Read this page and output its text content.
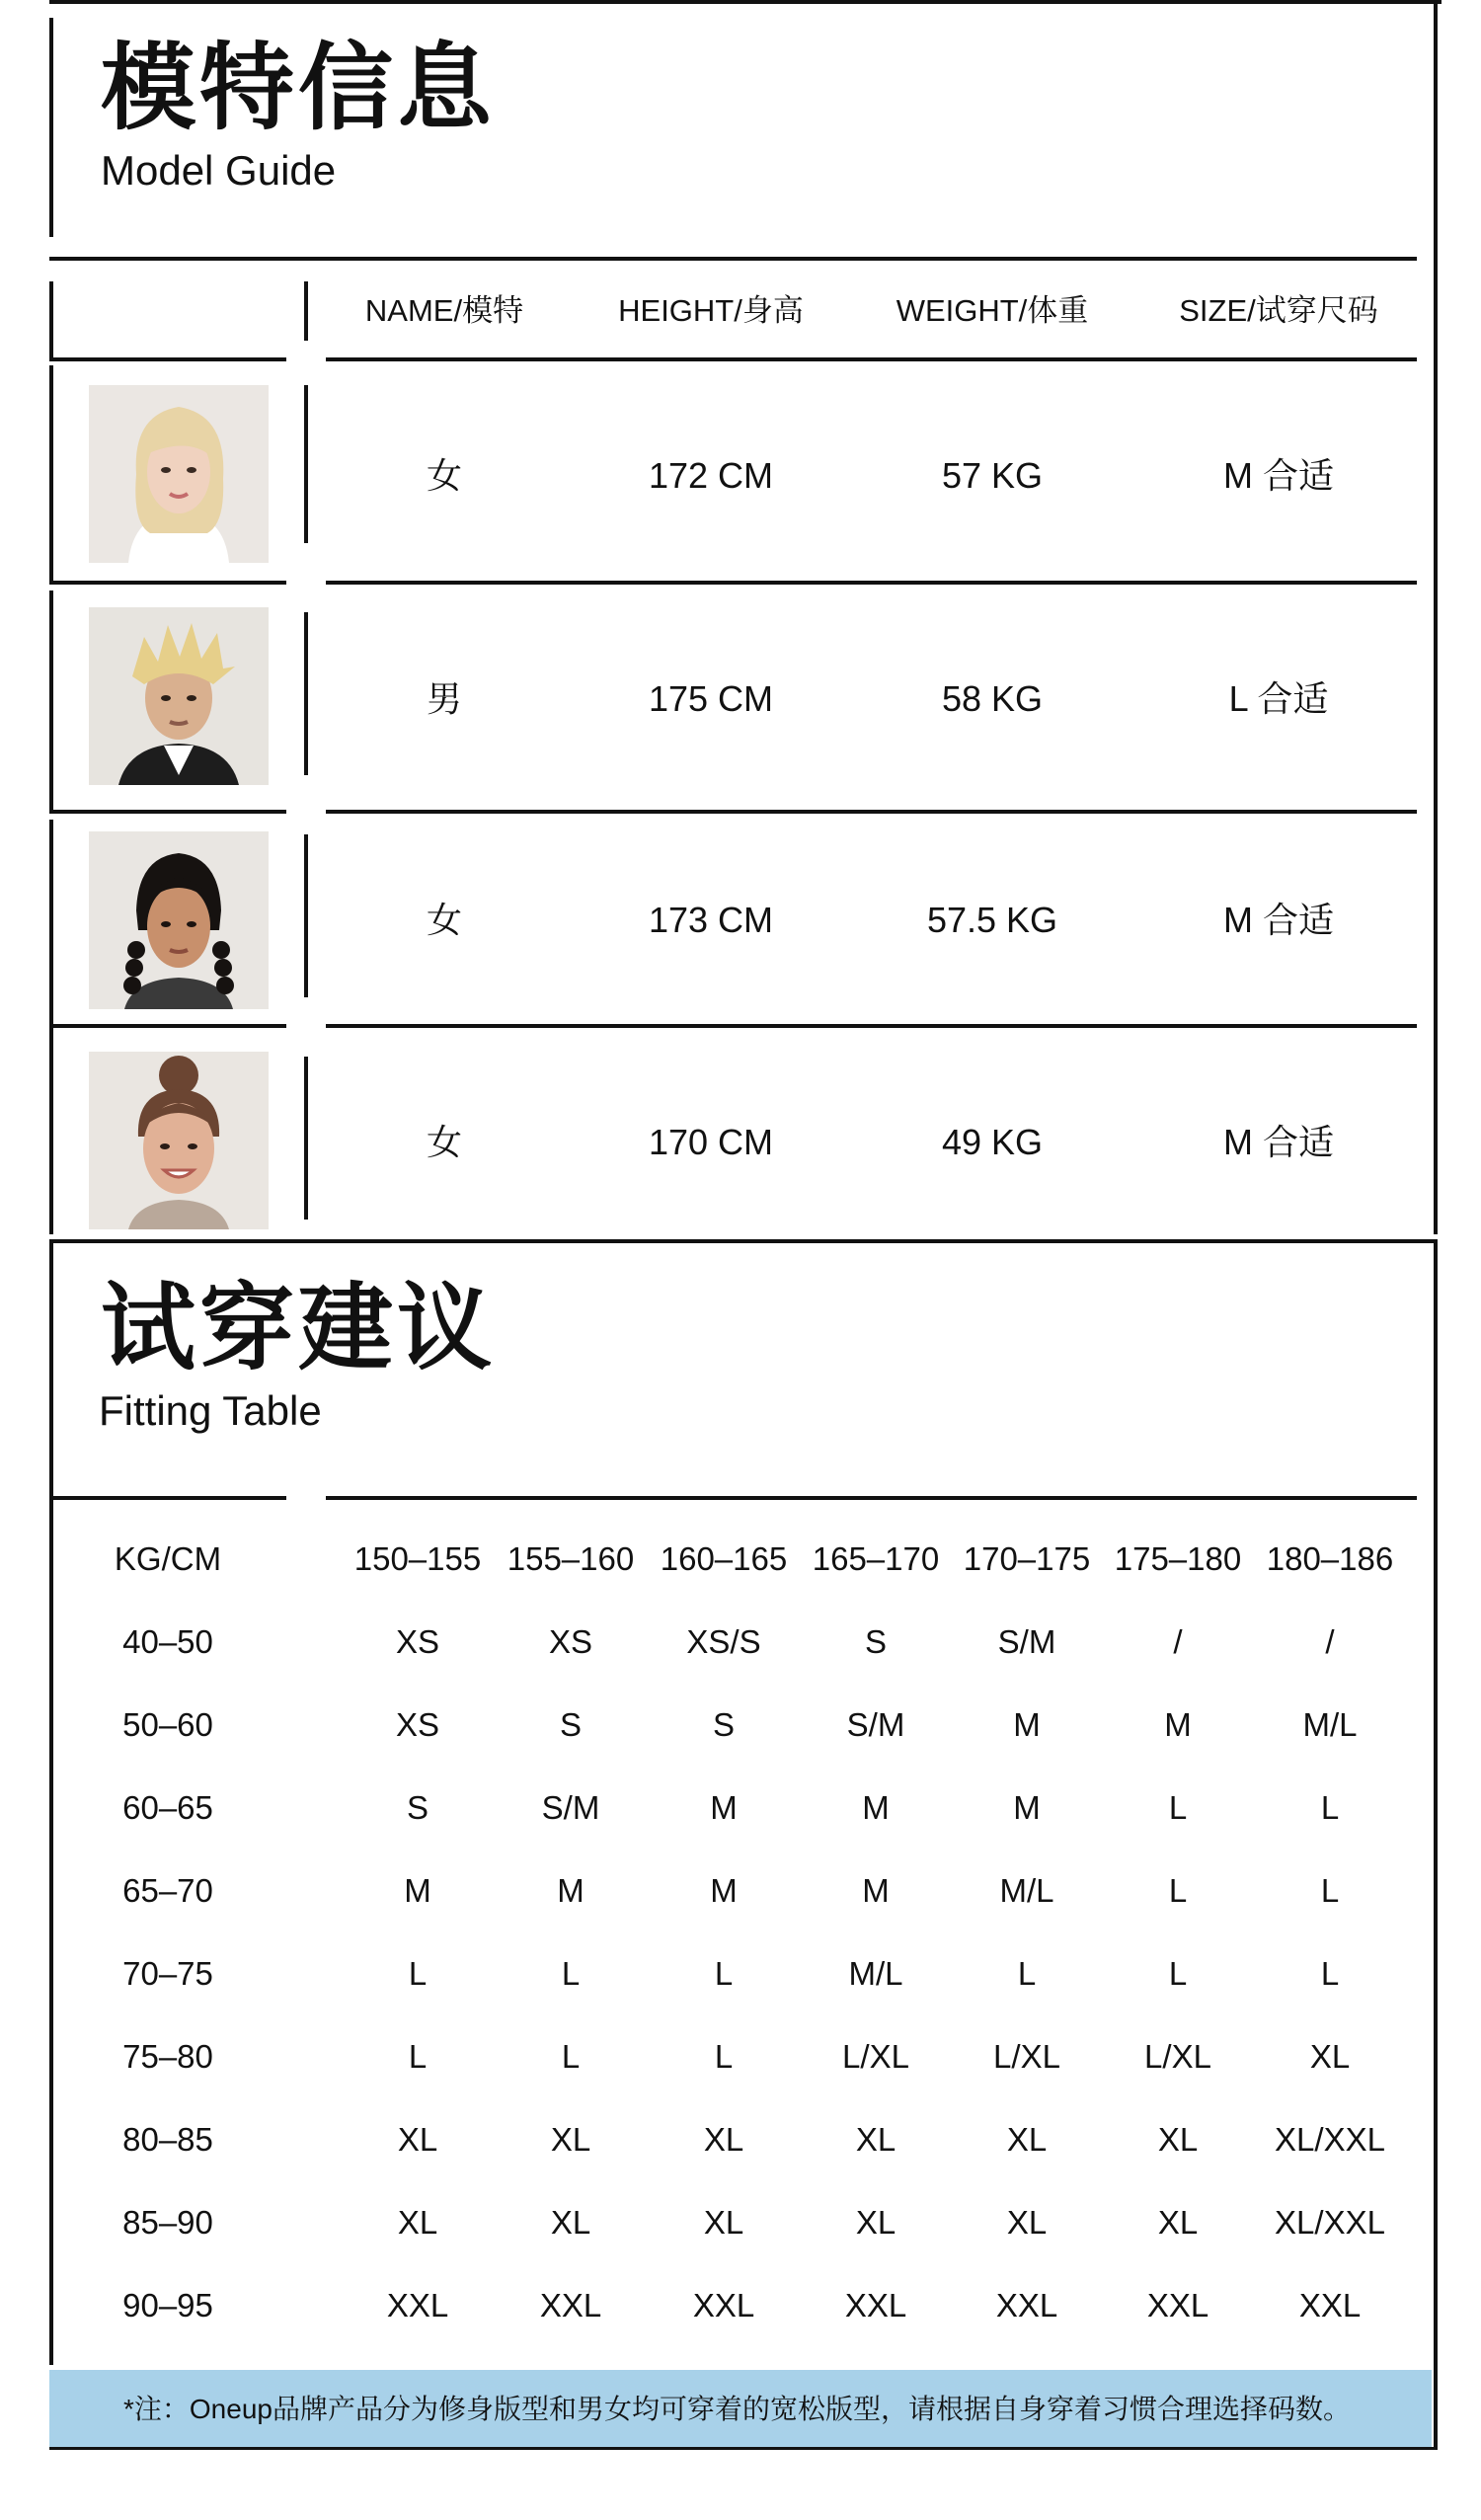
模特信息
Model Guide
NAME/模特	HEIGHT/身高	WEIGHT/体重	SIZE/试穿尺码
女	172 CM	57 KG	M 合适
男	175 CM	58 KG	L 合适
女	173 CM	57.5 KG	M 合适
女	170 CM	49 KG	M 合适
试穿建议
Fitting Table
KG/CM	150–155 155–160 160–165 165–170 170–175 175–180 180–186
40–50	XS	XS	XS/S	S	S/M	/	/
50–60	XS	S	S	S/M	M	M	M/L
60–65	S	S/M	M	M	M	L	L
65–70	M	M	M	M	M/L	L	L
70–75	L	L	L	M/L	L	L	L
75–80	L	L	L	L/XL	L/XL	L/XL	XL
80–85	XL	XL	XL	XL	XL	XL	XL/XXL
85–90	XL	XL	XL	XL	XL	XL	XL/XXL
90–95	XXL	XXL	XXL	XXL	XXL	XXL	XXL
*注：Oneup品牌产品分为修身版型和男女均可穿着的宽松版型，请根据自身穿着习惯合理选择码数。
